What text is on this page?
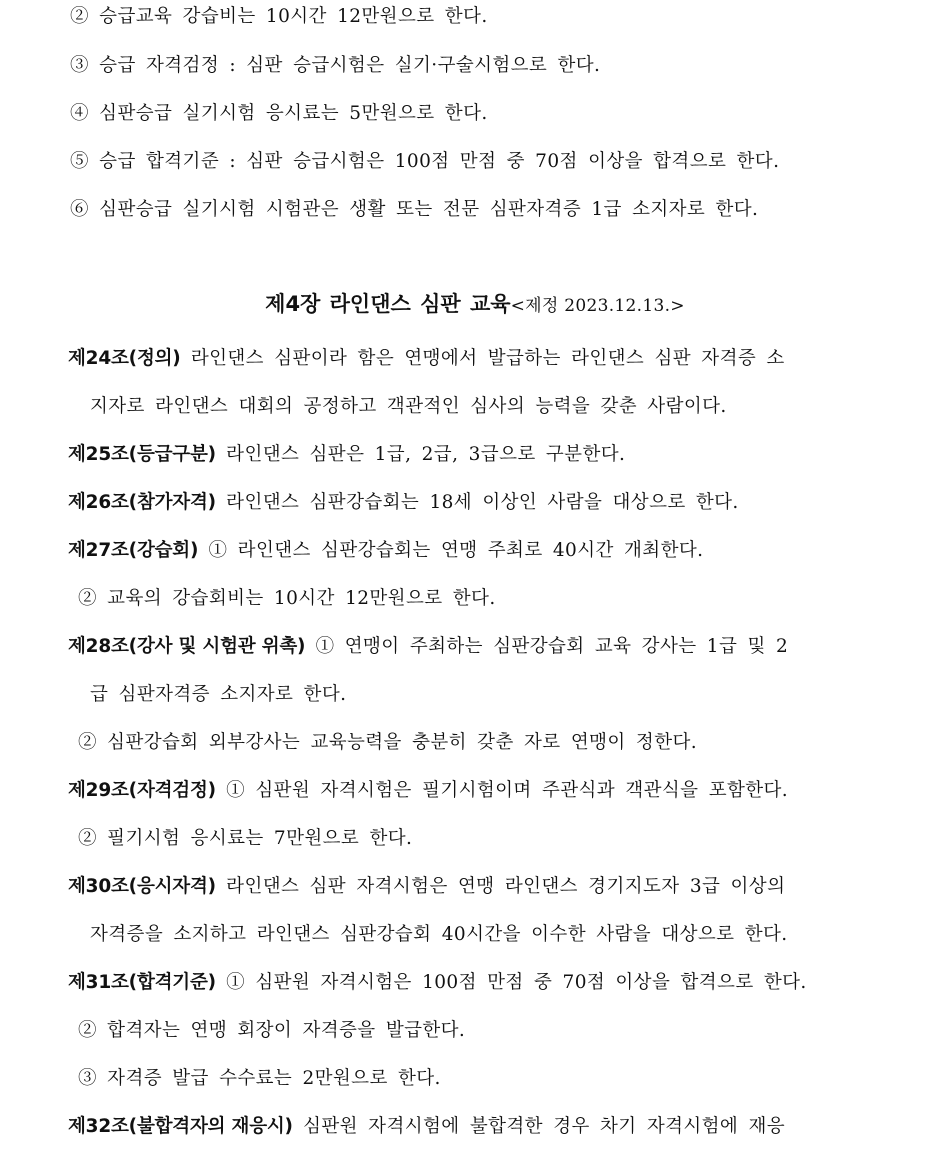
② 승급교육 강습비는 10시간 12만원으로 한다.
③ 승급 자격검정 : 심판 승급시험은 실기·구술시험으로 한다.
④ 심판승급 실기시험 응시료는 5만원으로 한다.
⑤ 승급 합격기준 : 심판 승급시험은 100점 만점 중 70점 이상을 합격으로 한다.
⑥ 심판승급 실기시험 시험관은 생활 또는 전문 심판자격증 1급 소지자로 한다.
제4장 라인댄스 심판 교육<제정 2023.12.13.>
제24조(정의) 라인댄스 심판이라 함은 연맹에서 발급하는 라인댄스 심판 자격증 소
지자로 라인댄스 대회의 공정하고 객관적인 심사의 능력을 갖춘 사람이다.
제25조(등급구분) 라인댄스 심판은 1급, 2급, 3급으로 구분한다.
제26조(참가자격) 라인댄스 심판강습회는 18세 이상인 사람을 대상으로 한다.
제27조(강습회) ① 라인댄스 심판강습회는 연맹 주최로 40시간 개최한다.
② 교육의 강습회비는 10시간 12만원으로 한다.
제28조(강사 및 시험관 위촉) ① 연맹이 주최하는 심판강습회 교육 강사는 1급 및 2
급 심판자격증 소지자로 한다.
② 심판강습회 외부강사는 교육능력을 충분히 갖춘 자로 연맹이 정한다.
제29조(자격검정) ① 심판원 자격시험은 필기시험이며 주관식과 객관식을 포함한다.
② 필기시험 응시료는 7만원으로 한다.
제30조(응시자격) 라인댄스 심판 자격시험은 연맹 라인댄스 경기지도자 3급 이상의
자격증을 소지하고 라인댄스 심판강습회 40시간을 이수한 사람을 대상으로 한다.
제31조(합격기준) ① 심판원 자격시험은 100점 만점 중 70점 이상을 합격으로 한다.
② 합격자는 연맹 회장이 자격증을 발급한다.
③ 자격증 발급 수수료는 2만원으로 한다.
제32조(불합격자의 재응시) 심판원 자격시험에 불합격한 경우 차기 자격시험에 재응
